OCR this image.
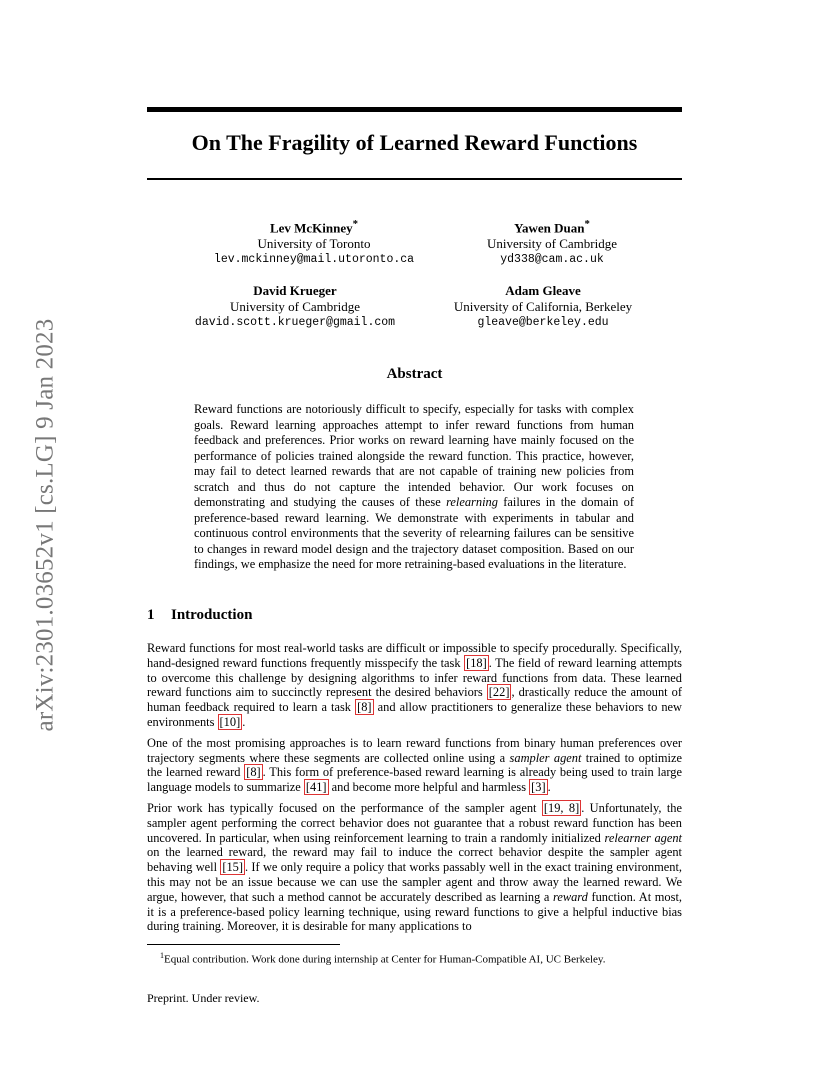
arXiv:2301.03652v1 [cs.LG] 9 Jan 2023
On The Fragility of Learned Reward Functions
Lev McKinney*
University of Toronto
lev.mckinney@mail.utoronto.ca
Yawen Duan*
University of Cambridge
yd338@cam.ac.uk
David Krueger
University of Cambridge
david.scott.krueger@gmail.com
Adam Gleave
University of California, Berkeley
gleave@berkeley.edu
Abstract
Reward functions are notoriously difficult to specify, especially for tasks with complex goals. Reward learning approaches attempt to infer reward functions from human feedback and preferences. Prior works on reward learning have mainly focused on the performance of policies trained alongside the reward function. This practice, however, may fail to detect learned rewards that are not capable of training new policies from scratch and thus do not capture the intended behavior. Our work focuses on demonstrating and studying the causes of these relearning failures in the domain of preference-based reward learning. We demonstrate with experiments in tabular and continuous control environments that the severity of relearning failures can be sensitive to changes in reward model design and the trajectory dataset composition. Based on our findings, we emphasize the need for more retraining-based evaluations in the literature.
1 Introduction

Reward functions for most real-world tasks are difficult or impossible to specify procedurally. Specifically, hand-designed reward functions frequently misspecify the task [18] . The field of reward learning attempts to overcome this challenge by designing algorithms to infer reward functions from data. These learned reward functions aim to succinctly represent the desired behaviors [22] , drastically reduce the amount of human feedback required to learn a task [8] and allow practitioners to generalize these behaviors to new environments [10] .

One of the most promising approaches is to learn reward functions from binary human preferences over trajectory segments where these segments are collected online using a sampler agent trained to optimize the learned reward [8] . This form of preference-based reward learning is already being used to train large language models to summarize [41] and become more helpful and harmless [3] .

Prior work has typically focused on the performance of the sampler agent [19, 8] . Unfortunately, the sampler agent performing the correct behavior does not guarantee that a robust reward function has been uncovered. In particular, when using reinforcement learning to train a randomly initialized relearner agent on the learned reward, the reward may fail to induce the correct behavior despite the sampler agent behaving well [15] . If we only require a policy that works passably well in the exact training environment, this may not be an issue because we can use the sampler agent and throw away the learned reward. We argue, however, that such a method cannot be accurately described as learning a reward function. At most, it is a preference-based policy learning technique, using reward functions to give a helpful inductive bias during training. Moreover, it is desirable for many applications to

$^1$Equal contribution. Work done during internship at Center for Human-Compatible AI, UC Berkeley.
Preprint. Under review.
